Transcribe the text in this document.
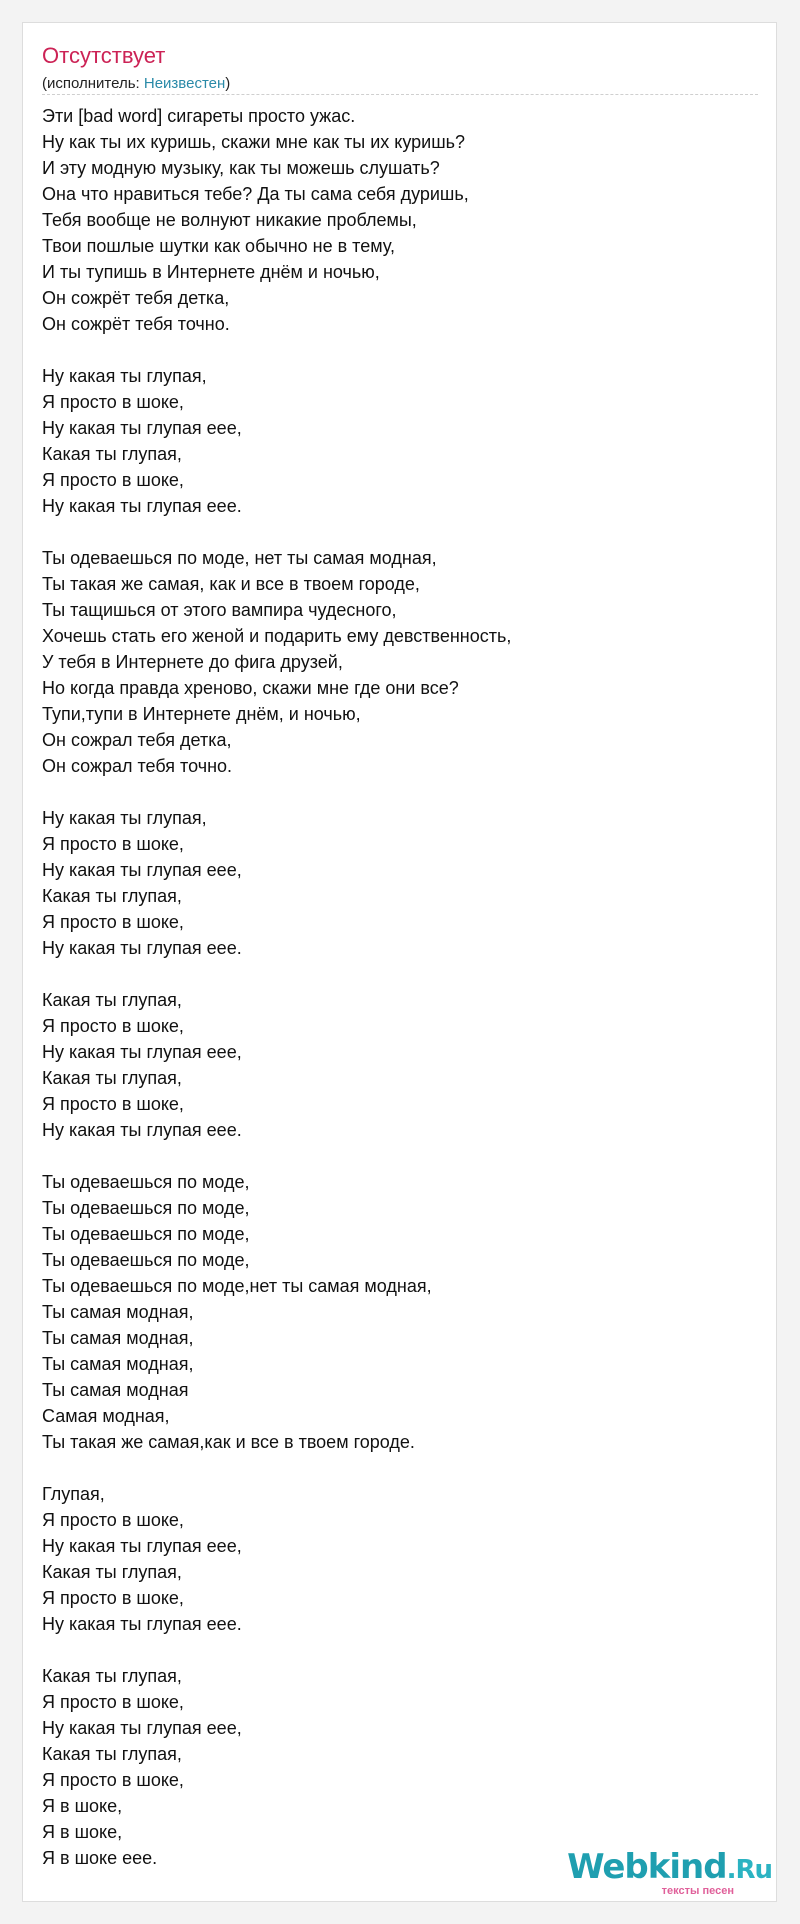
Отсутствует
(исполнитель: Неизвестен)
Эти [bad word] сигареты просто ужас.
Ну как ты их куришь, скажи мне как ты их куришь?
И эту модную музыку, как ты можешь слушать?
Она что нравиться тебе? Да ты сама себя дуришь,
Тебя вообще не волнуют никакие проблемы,
Твои пошлые шутки как обычно не в тему,
И ты тупишь в Интернете днём и ночью,
Он сожрёт тебя детка,
Он сожрёт тебя точно.
Ну какая ты глупая,
Я просто в шоке,
Ну какая ты глупая еее,
Какая ты глупая,
Я просто в шоке,
Ну какая ты глупая еее.
Ты одеваешься по моде, нет ты самая модная,
Ты такая же самая, как и все в твоем городе,
Ты тащишься от этого вампира чудесного,
Хочешь стать его женой и подарить ему девственность,
У тебя в Интернете до фига друзей,
Но когда правда хреново, скажи мне где они все?
Тупи,тупи в Интернете днём, и ночью,
Он сожрал тебя детка,
Он сожрал тебя точно.
Ну какая ты глупая,
Я просто в шоке,
Ну какая ты глупая еее,
Какая ты глупая,
Я просто в шоке,
Ну какая ты глупая еее.
Какая ты глупая,
Я просто в шоке,
Ну какая ты глупая еее,
Какая ты глупая,
Я просто в шоке,
Ну какая ты глупая еее.
Ты одеваешься по моде,
Ты одеваешься по моде,
Ты одеваешься по моде,
Ты одеваешься по моде,
Ты одеваешься по моде,нет ты самая модная,
Ты самая модная,
Ты самая модная,
Ты самая модная,
Ты самая модная
Самая модная,
Ты такая же самая,как и все в твоем городе.
Глупая,
Я просто в шоке,
Ну какая ты глупая еее,
Какая ты глупая,
Я просто в шоке,
Ну какая ты глупая еее.
Какая ты глупая,
Я просто в шоке,
Ну какая ты глупая еее,
Какая ты глупая,
Я просто в шоке,
Я в шоке,
Я в шоке,
Я в шоке еее.	Webkind.Ru
тексты песен
